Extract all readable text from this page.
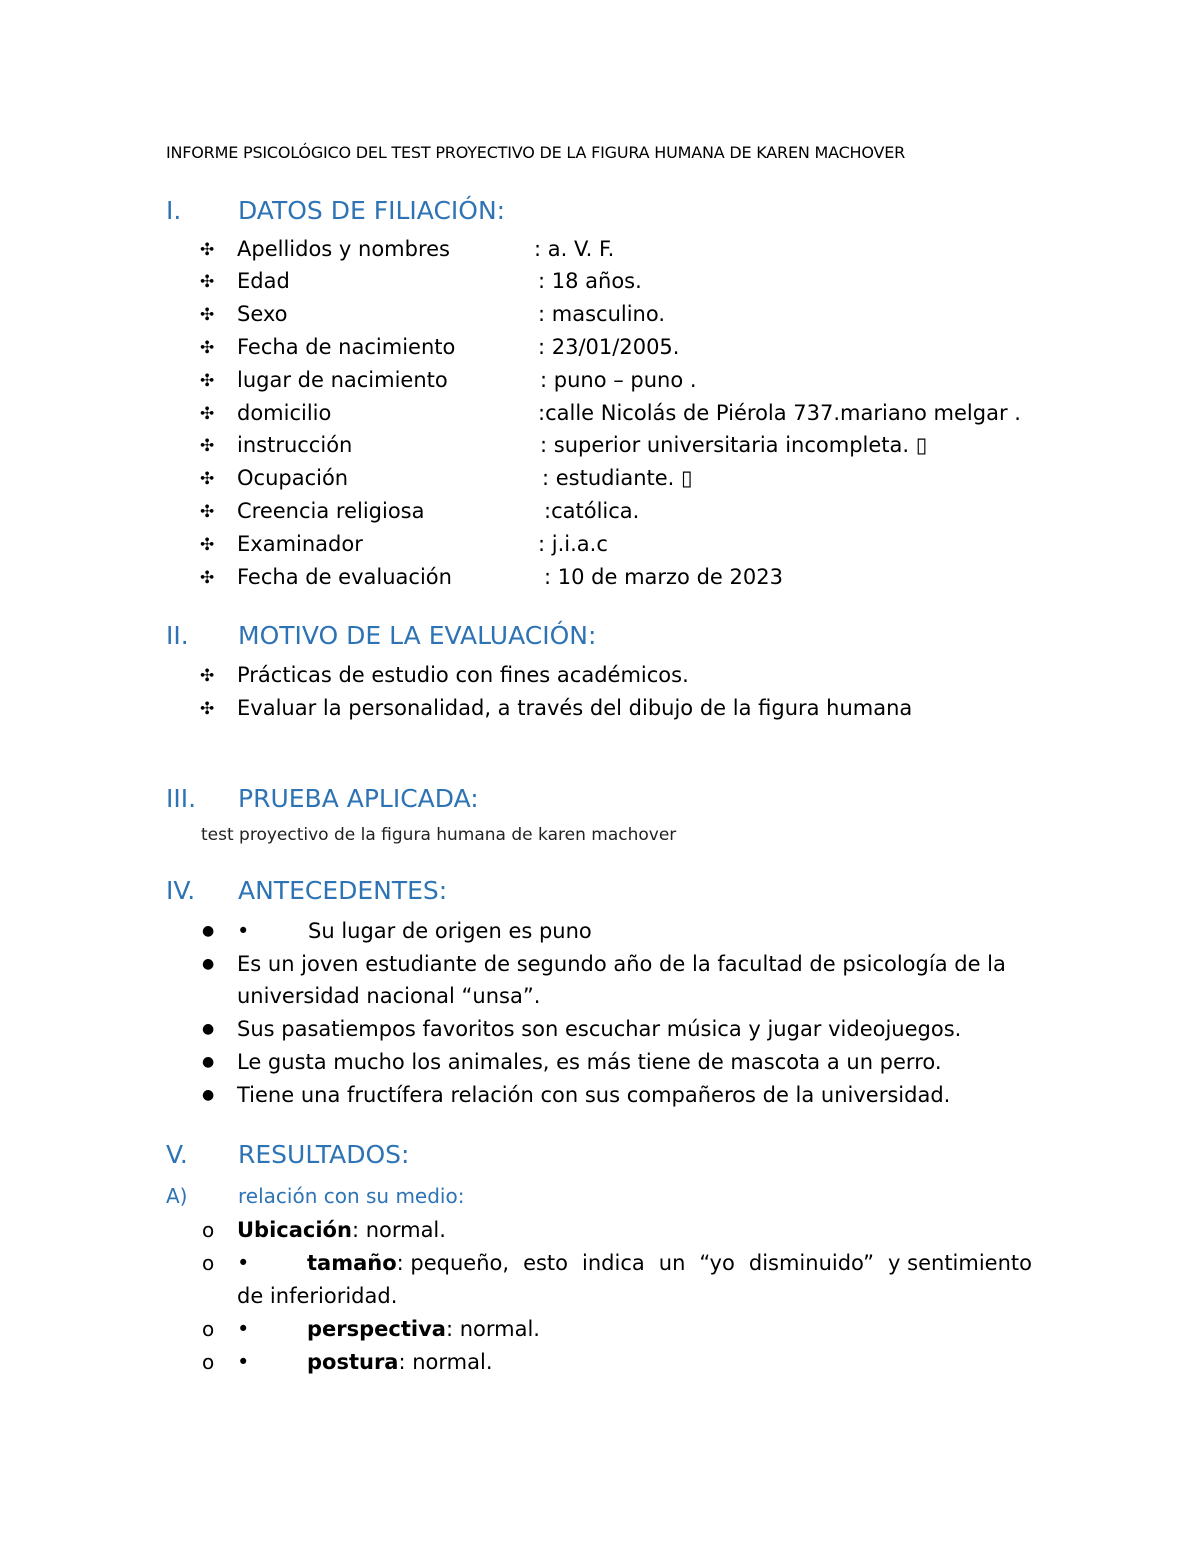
INFORME PSICOLÓGICO DEL TEST PROYECTIVO DE LA FIGURA HUMANA DE KAREN MACHOVER
I. DATOS DE FILIACIÓN:
✣	Apellidos y nombres	: a. V. F.
✣	Edad	: 18 años.
✣	Sexo	: masculino.
✣	Fecha de nacimiento	: 23/01/2005.
✣	lugar de nacimiento	: puno – puno .
✣	domicilio	:calle Nicolás de Piérola 737.mariano melgar .
✣	instrucción	: superior universitaria incompleta. ▯
✣	Ocupación	: estudiante. ▯
✣	Creencia religiosa	:católica.
✣	Examinador	: j.i.a.c
✣	Fecha de evaluación	: 10 de marzo de 2023
II. MOTIVO DE LA EVALUACIÓN:
✣	Prácticas de estudio con fines académicos.
✣	Evaluar la personalidad, a través del dibujo de la figura humana
III. PRUEBA APLICADA:
test proyectivo de la figura humana de karen machover
IV. ANTECEDENTES:
●	•	Su lugar de origen es puno
●	Es un joven estudiante de segundo año de la facultad de psicología de la
universidad nacional “unsa”.
●	Sus pasatiempos favoritos son escuchar música y jugar videojuegos.
●	Le gusta mucho los animales, es más tiene de mascota a un perro.
●	Tiene una fructífera relación con sus compañeros de la universidad.
V. RESULTADOS:
A)	relación con su medio:
o	Ubicación: normal.
o	•	tamaño: pequeño, esto indica un “yo disminuido” y sentimiento
de inferioridad.
o	•	perspectiva: normal.
o	•	postura: normal.
